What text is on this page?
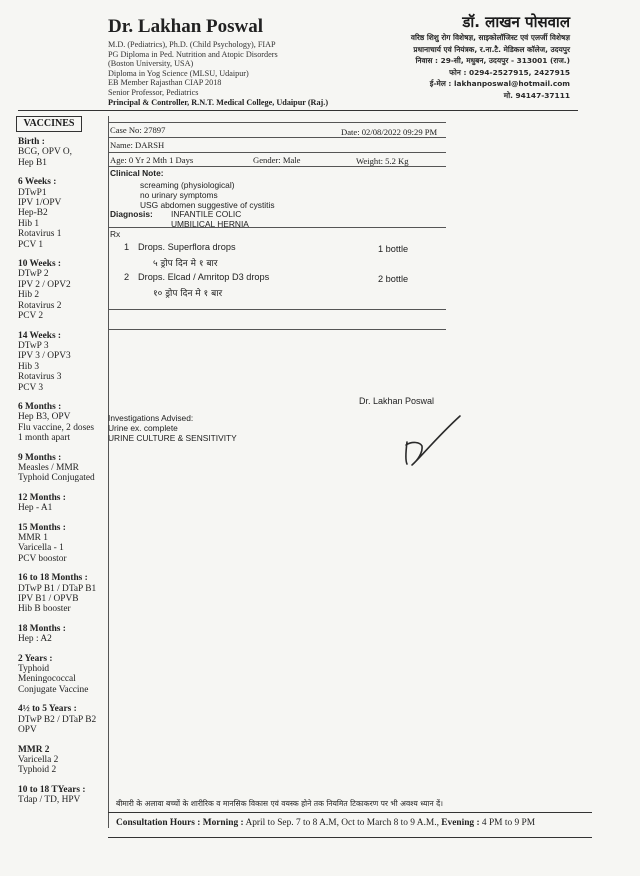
Dr. Lakhan Poswal
M.D. (Pediatrics), Ph.D. (Child Psychology), FIAP
PG Diploma in Ped. Nutrition and Atopic Disorders
(Boston University, USA)
Diploma in Yog Science (MLSU, Udaipur)
EB Member Rajasthan CIAP 2018
Senior Professor, Pediatrics
Principal & Controller, R.N.T. Medical College, Udaipur (Raj.)
डॉ. लाखन पोसवाल
वरिष्ठ शिशु रोग विशेषज्ञ, साइकोलॉजिस्ट एवं एलर्जी विशेषज्ञ
प्रधानाचार्य एवं नियंत्रक, र.ना.टै. मेडिकल कॉलेज, उदयपुर
निवास : 29-सी, मधुबन, उदयपुर - 313001 (राज.)
फोन : 0294-2527915, 2427915
ई-मेल : lakhanposwal@hotmail.com
मो. 94147-37111
VACCINES
Birth :
BCG, OPV O,
Hep B1
6 Weeks :
DTwP1
IPV 1/OPV
Hep-B2
Hib 1
Rotavirus 1
PCV 1
10 Weeks :
DTwP 2
IPV 2 / OPV2
Hib 2
Rotavirus 2
PCV 2
14 Weeks :
DTwP 3
IPV 3 / OPV3
Hib 3
Rotavirus 3
PCV 3
6 Months :
Hep B3, OPV
Flu vaccine, 2 doses
1 month apart
9 Months :
Measles / MMR
Typhoid Conjugated
12 Months :
Hep - A1
15 Months :
MMR 1
Varicella - 1
PCV boostor
16 to 18 Months :
DTwP B1 / DTaP B1
IPV B1 / OPVB
Hib B booster
18 Months :
Hep : A2
2 Years :
Typhoid
Meningococcal
Conjugate Vaccine
4½ to 5 Years :
DTwP B2 / DTaP B2
OPV
MMR 2
Varicella 2
Typhoid 2
10 to 18 TYears :
Tdap / TD, HPV
Case No: 27897	Date: 02/08/2022 09:29 PM
Name: DARSH
Age: 0 Yr 2 Mth 1 Days	Gender: Male	Weight: 5.2 Kg
Clinical Note:
screaming (physiological)
no urinary symptoms
USG abdomen suggestive of cystitis
Diagnosis: INFANTILE COLIC
UMBILICAL HERNIA
Rx
1 Drops. Superflora drops	1 bottle
५ ड्रोप दिन मे १ बार
2 Drops. Elcad / Amritop D3 drops	2 bottle
१० ड्रोप दिन मे १ बार
Dr. Lakhan Poswal
Investigations Advised:
Urine ex. complete
URINE CULTURE & SENSITIVITY
बीमारी के अलावा बच्चों के शारीरिक व मानसिक विकास एवं वयस्क होने तक नियमित टिकाकरण पर भी अवश्य ध्यान दें।
Consultation Hours : Morning : April to Sep. 7 to 8 A.M, Oct to March 8 to 9 A.M., Evening : 4 PM to 9 PM
